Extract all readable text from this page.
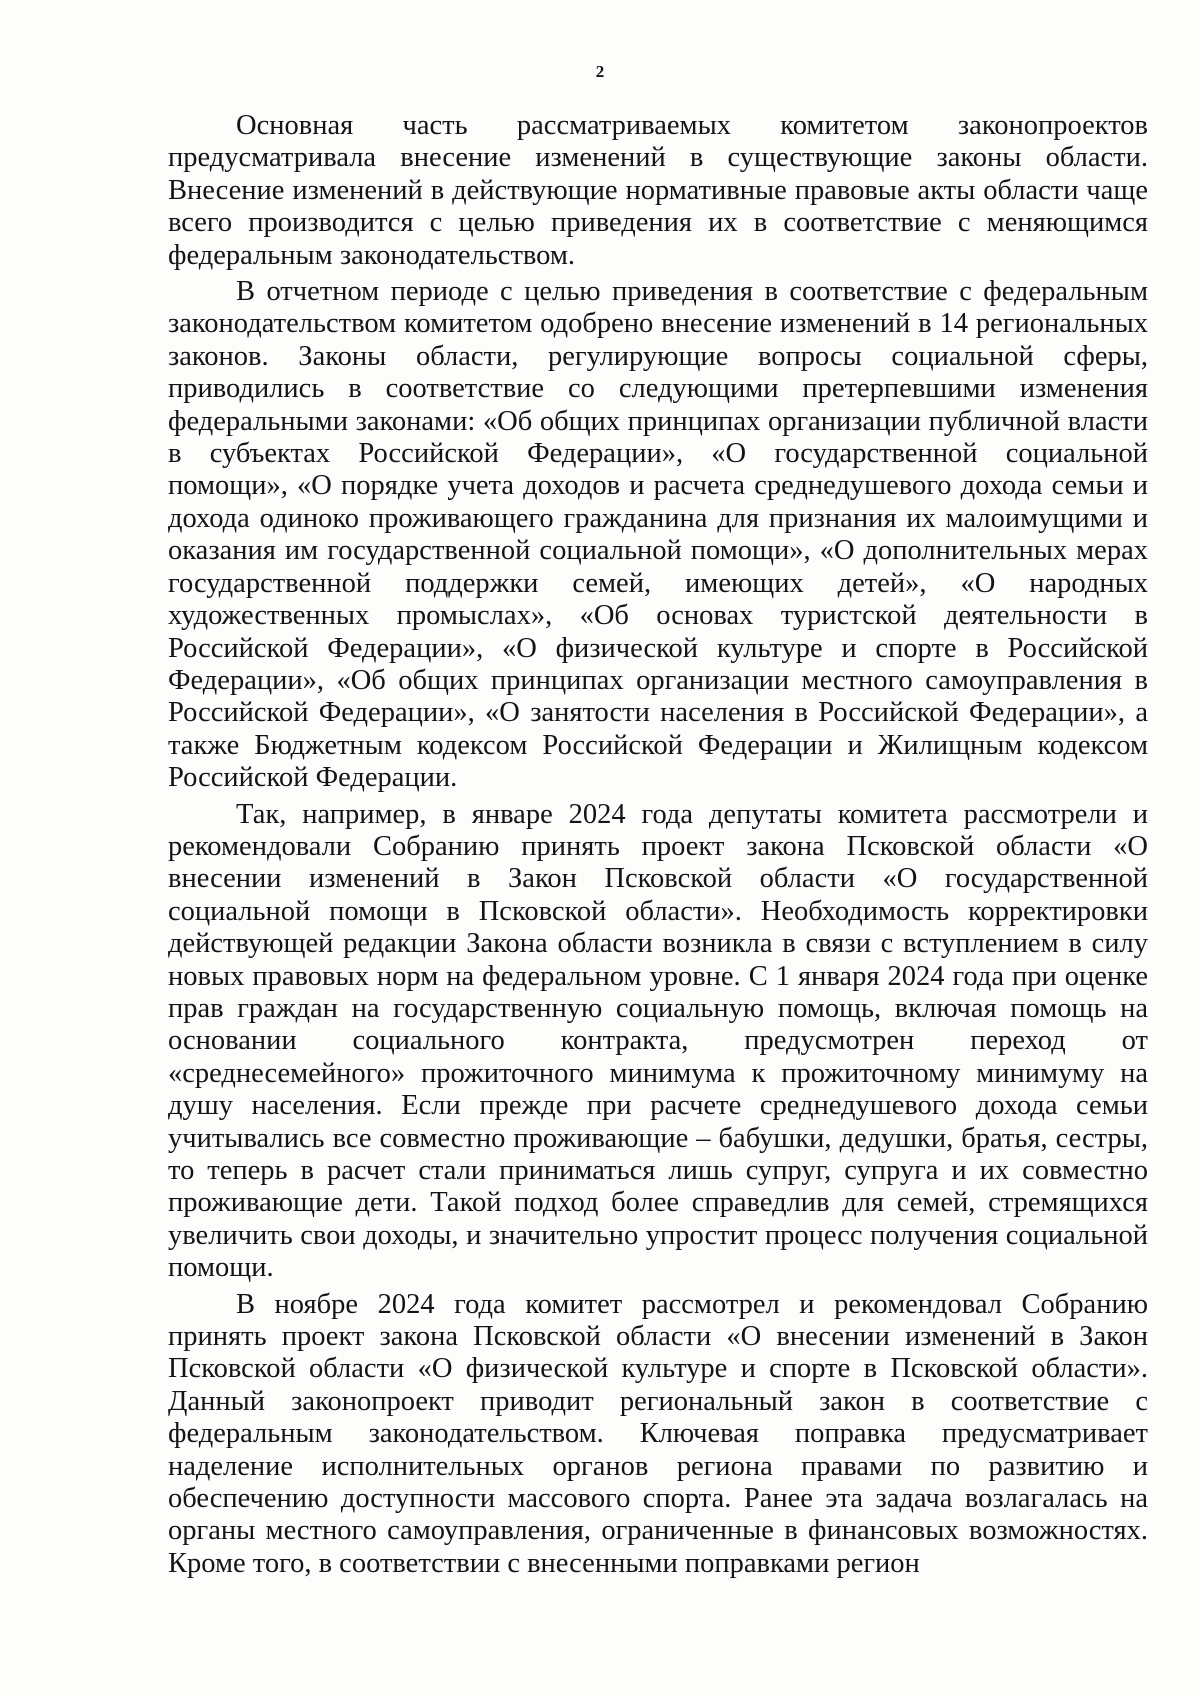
2

Основная часть рассматриваемых комитетом законопроектов предусматривала внесение изменений в существующие законы области. Внесение изменений в действующие нормативные правовые акты области чаще всего производится с целью приведения их в соответствие с меняющимся федеральным законодательством.

В отчетном периоде с целью приведения в соответствие с федеральным законодательством комитетом одобрено внесение изменений в 14 региональных законов. Законы области, регулирующие вопросы социальной сферы, приводились в соответствие со следующими претерпевшими изменения федеральными законами: «Об общих принципах организации публичной власти в субъектах Российской Федерации», «О государственной социальной помощи», «О порядке учета доходов и расчета среднедушевого дохода семьи и дохода одиноко проживающего гражданина для признания их малоимущими и оказания им государственной социальной помощи», «О дополнительных мерах государственной поддержки семей, имеющих детей», «О народных художественных промыслах», «Об основах туристской деятельности в Российской Федерации», «О физической культуре и спорте в Российской Федерации», «Об общих принципах организации местного самоуправления в Российской Федерации», «О занятости населения в Российской Федерации», а также Бюджетным кодексом Российской Федерации и Жилищным кодексом Российской Федерации.

Так, например, в январе 2024 года депутаты комитета рассмотрели и рекомендовали Собранию принять проект закона Псковской области «О внесении изменений в Закон Псковской области «О государственной социальной помощи в Псковской области». Необходимость корректировки действующей редакции Закона области возникла в связи с вступлением в силу новых правовых норм на федеральном уровне. С 1 января 2024 года при оценке прав граждан на государственную социальную помощь, включая помощь на основании социального контракта, предусмотрен переход от «среднесемейного» прожиточного минимума к прожиточному минимуму на душу населения. Если прежде при расчете среднедушевого дохода семьи учитывались все совместно проживающие – бабушки, дедушки, братья, сестры, то теперь в расчет стали приниматься лишь супруг, супруга и их совместно проживающие дети. Такой подход более справедлив для семей, стремящихся увеличить свои доходы, и значительно упростит процесс получения социальной помощи.

В ноябре 2024 года комитет рассмотрел и рекомендовал Собранию принять проект закона Псковской области «О внесении изменений в Закон Псковской области «О физической культуре и спорте в Псковской области». Данный законопроект приводит региональный закон в соответствие с федеральным законодательством. Ключевая поправка предусматривает наделение исполнительных органов региона правами по развитию и обеспечению доступности массового спорта. Ранее эта задача возлагалась на органы местного самоуправления, ограниченные в финансовых возможностях. Кроме того, в соответствии с внесенными поправками регион
